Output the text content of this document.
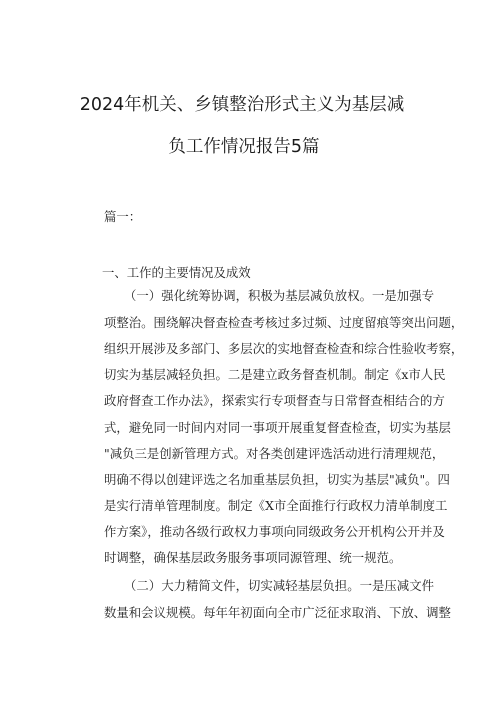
2024年机关、乡镇整治形式主义为基层减
负工作情况报告5篇
篇一：
一、工作的主要情况及成效
（一）强化统筹协调，积极为基层减负放权。一是加强专
项整治。围绕解决督查检查考核过多过频、过度留痕等突出问题，
组织开展涉及多部门、多层次的实地督查检查和综合性验收考察，
切实为基层减轻负担。二是建立政务督查机制。制定《x市人民
政府督查工作办法》，探索实行专项督查与日常督查相结合的方
式，避免同一时间内对同一事项开展重复督查检查，切实为基层
"减负三是创新管理方式。对各类创建评选活动进行清理规范，
明确不得以创建评选之名加重基层负担，切实为基层"减负"。四
是实行清单管理制度。制定《X市全面推行行政权力清单制度工
作方案》，推动各级行政权力事项向同级政务公开机构公开并及
时调整，确保基层政务服务事项同源管理、统一规范。
（二）大力精简文件，切实减轻基层负担。一是压减文件
数量和会议规模。每年年初面向全市广泛征求取消、下放、调整
